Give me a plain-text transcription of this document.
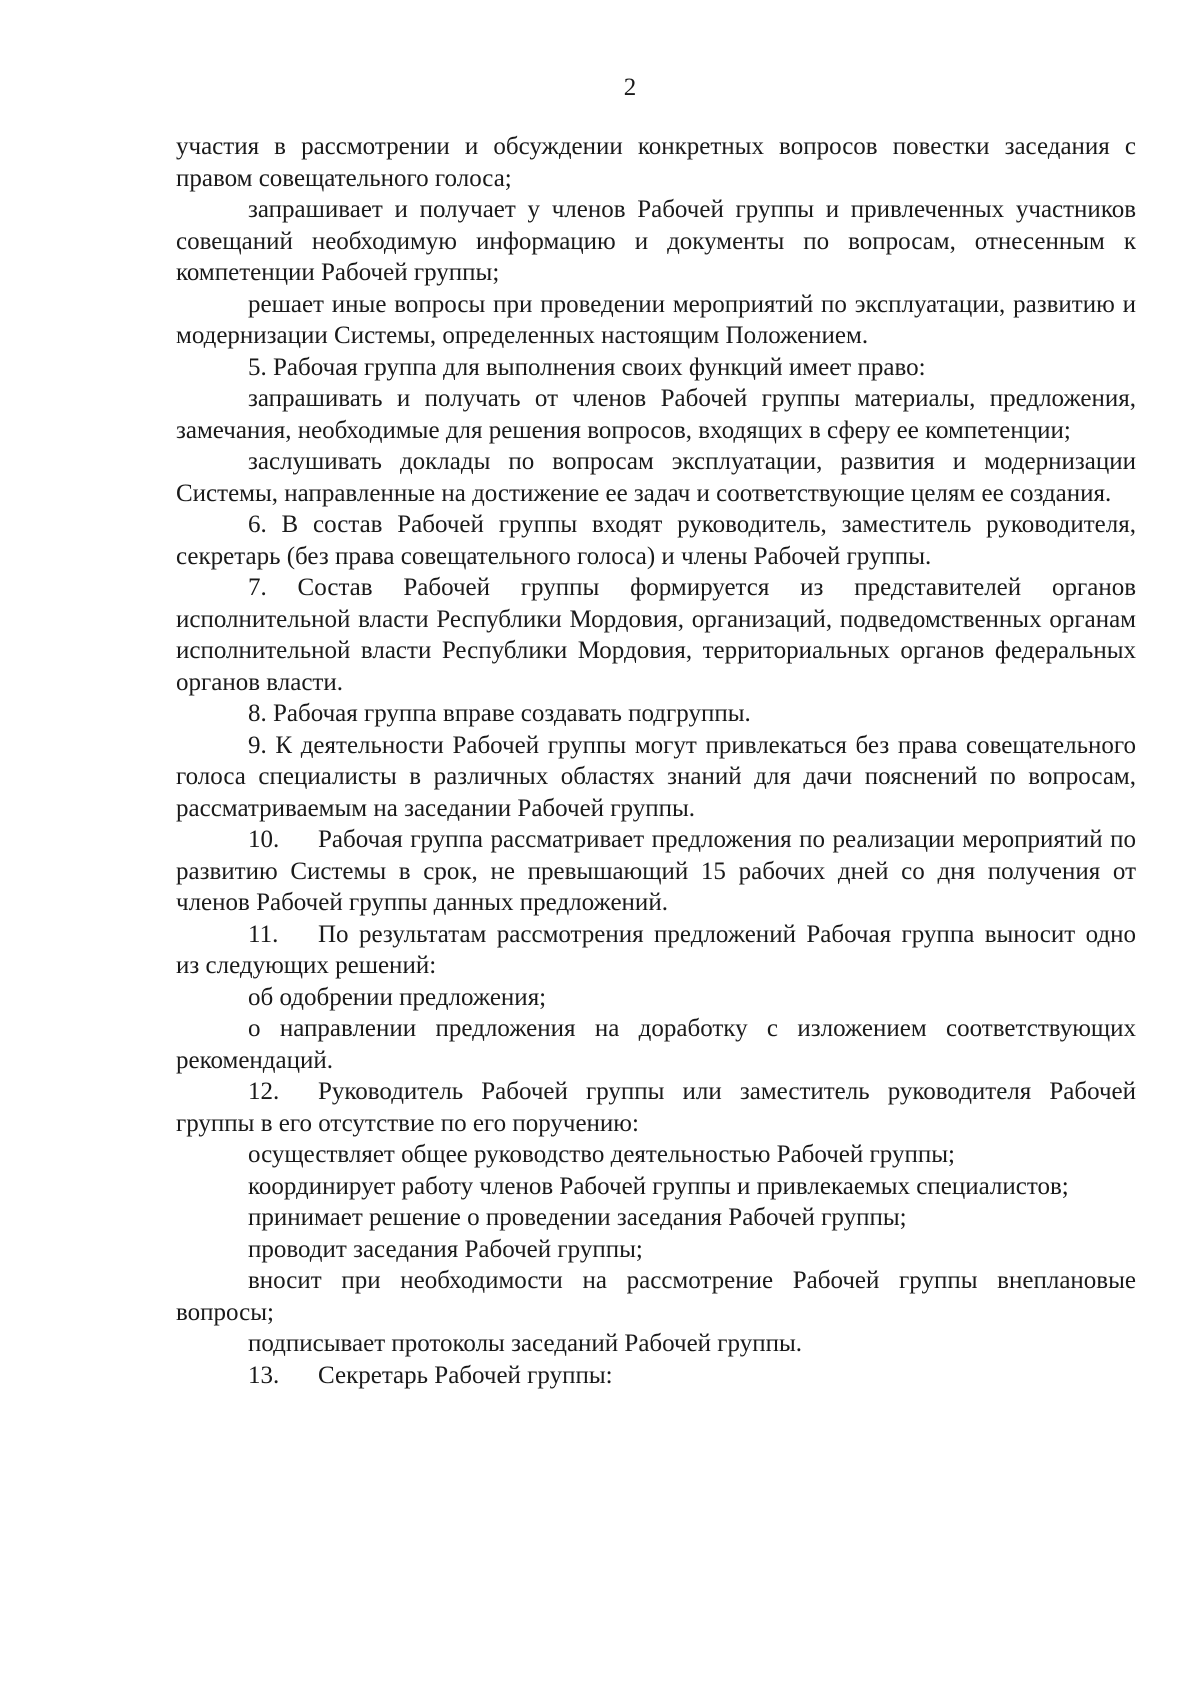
2

участия в рассмотрении и обсуждении конкретных вопросов повестки заседания с правом совещательного голоса;

запрашивает и получает у членов Рабочей группы и привлеченных участников совещаний необходимую информацию и документы по вопросам, отнесенным к компетенции Рабочей группы;

решает иные вопросы при проведении мероприятий по эксплуатации, развитию и модернизации Системы, определенных настоящим Положением.

5. Рабочая группа для выполнения своих функций имеет право:

запрашивать и получать от членов Рабочей группы материалы, предложения, замечания, необходимые для решения вопросов, входящих в сферу ее компетенции;

заслушивать доклады по вопросам эксплуатации, развития и модернизации Системы, направленные на достижение ее задач и соответствующие целям ее создания.

6. В состав Рабочей группы входят руководитель, заместитель руководителя, секретарь (без права совещательного голоса) и члены Рабочей группы.

7. Состав Рабочей группы формируется из представителей органов исполнительной власти Республики Мордовия, организаций, подведомственных органам исполнительной власти Республики Мордовия, территориальных органов федеральных органов власти.

8. Рабочая группа вправе создавать подгруппы.

9. К деятельности Рабочей группы могут привлекаться без права совещательного голоса специалисты в различных областях знаний для дачи пояснений по вопросам, рассматриваемым на заседании Рабочей группы.

10. Рабочая группа рассматривает предложения по реализации мероприятий по развитию Системы в срок, не превышающий 15 рабочих дней со дня получения от членов Рабочей группы данных предложений.

11. По результатам рассмотрения предложений Рабочая группа выносит одно из следующих решений:

об одобрении предложения;

о направлении предложения на доработку с изложением соответствующих рекомендаций.

12. Руководитель Рабочей группы или заместитель руководителя Рабочей группы в его отсутствие по его поручению:

осуществляет общее руководство деятельностью Рабочей группы;

координирует работу членов Рабочей группы и привлекаемых специалистов;

принимает решение о проведении заседания Рабочей группы;

проводит заседания Рабочей группы;

вносит при необходимости на рассмотрение Рабочей группы внеплановые вопросы;

подписывает протоколы заседаний Рабочей группы.

13. Секретарь Рабочей группы:
